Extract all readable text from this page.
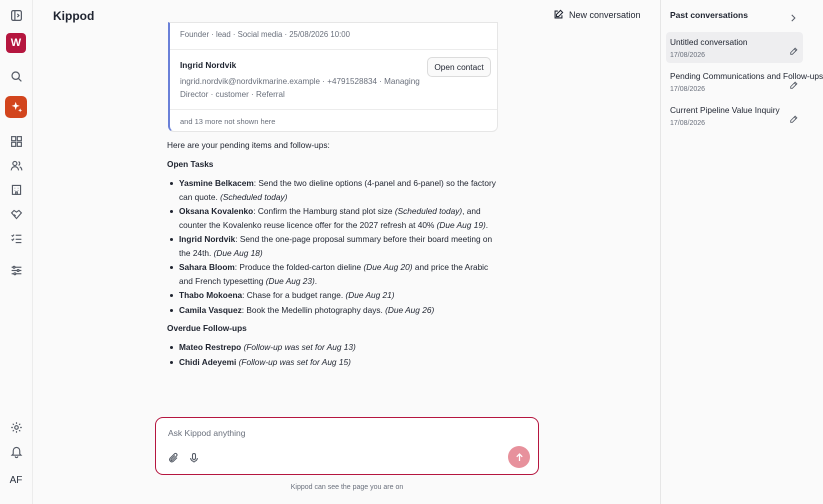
W
AF
Kippod	New conversation
Founder · lead · Social media · 25/08/2026 10:00
Ingrid Nordvik
ingrid.nordvik@nordvikmarine.example · +4791528834 · Managing Director · customer · Referral
Open contact
and 13 more not shown here
Here are your pending items and follow-ups:
Open Tasks
Yasmine Belkacem: Send the two dieline options (4-panel and 6-panel) so the factory can quote. (Scheduled today)
Oksana Kovalenko: Confirm the Hamburg stand plot size (Scheduled today), and counter the Kovalenko reuse licence offer for the 2027 refresh at 40% (Due Aug 19).
Ingrid Nordvik: Send the one-page proposal summary before their board meeting on the 24th. (Due Aug 18)
Sahara Bloom: Produce the folded-carton dieline (Due Aug 20) and price the Arabic and French typesetting (Due Aug 23).
Thabo Mokoena: Chase for a budget range. (Due Aug 21)
Camila Vasquez: Book the Medellin photography days. (Due Aug 26)
Overdue Follow-ups
Mateo Restrepo (Follow-up was set for Aug 13)
Chidi Adeyemi (Follow-up was set for Aug 15)
Ask Kippod anything
Kippod can see the page you are on
Past conversations
Untitled conversation
17/08/2026
Pending Communications and Follow-ups
17/08/2026
Current Pipeline Value Inquiry
17/08/2026
